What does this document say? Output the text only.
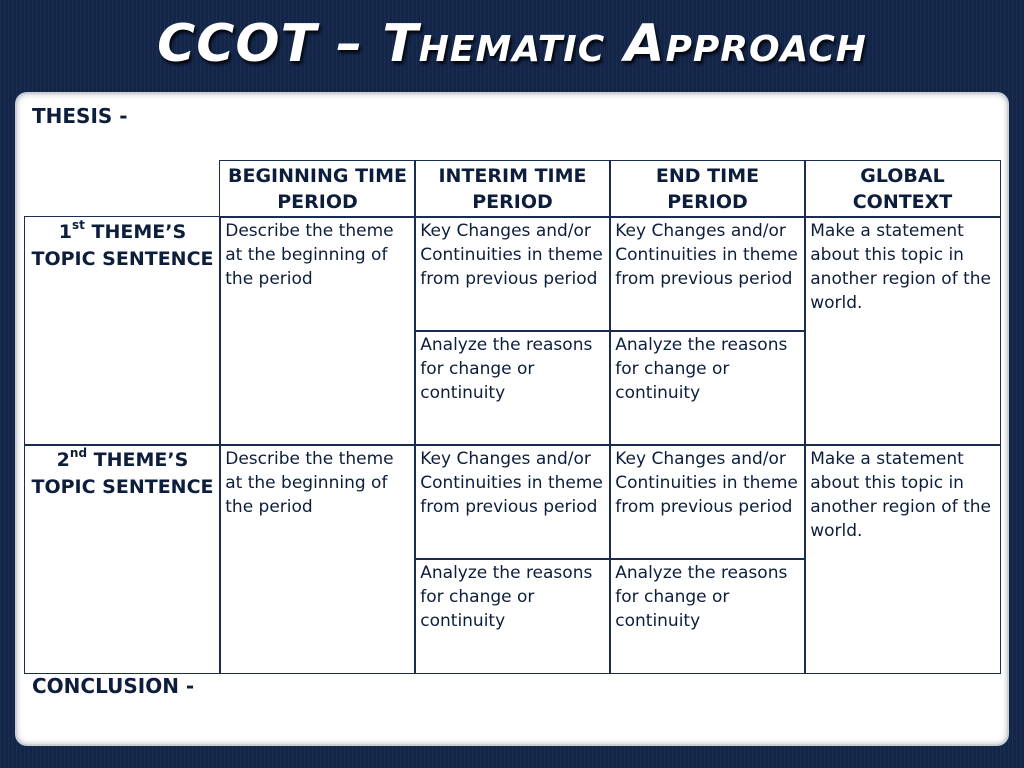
CCOT – Thematic Approach
THESIS -
BEGINNING TIME PERIOD
INTERIM TIME PERIOD
END TIME PERIOD
GLOBAL CONTEXT
1st THEME’S TOPIC SENTENCE
Describe the theme at the beginning of the period
Key Changes and/or Continuities in theme from previous period
Key Changes and/or Continuities in theme from previous period
Make a statement about this topic in another region of the world.
Analyze the reasons for change or continuity
Analyze the reasons for change or continuity
2nd THEME’S TOPIC SENTENCE
Describe the theme at the beginning of the period
Key Changes and/or Continuities in theme from previous period
Key Changes and/or Continuities in theme from previous period
Make a statement about this topic in another region of the world.
Analyze the reasons for change or continuity
Analyze the reasons for change or continuity
CONCLUSION -
